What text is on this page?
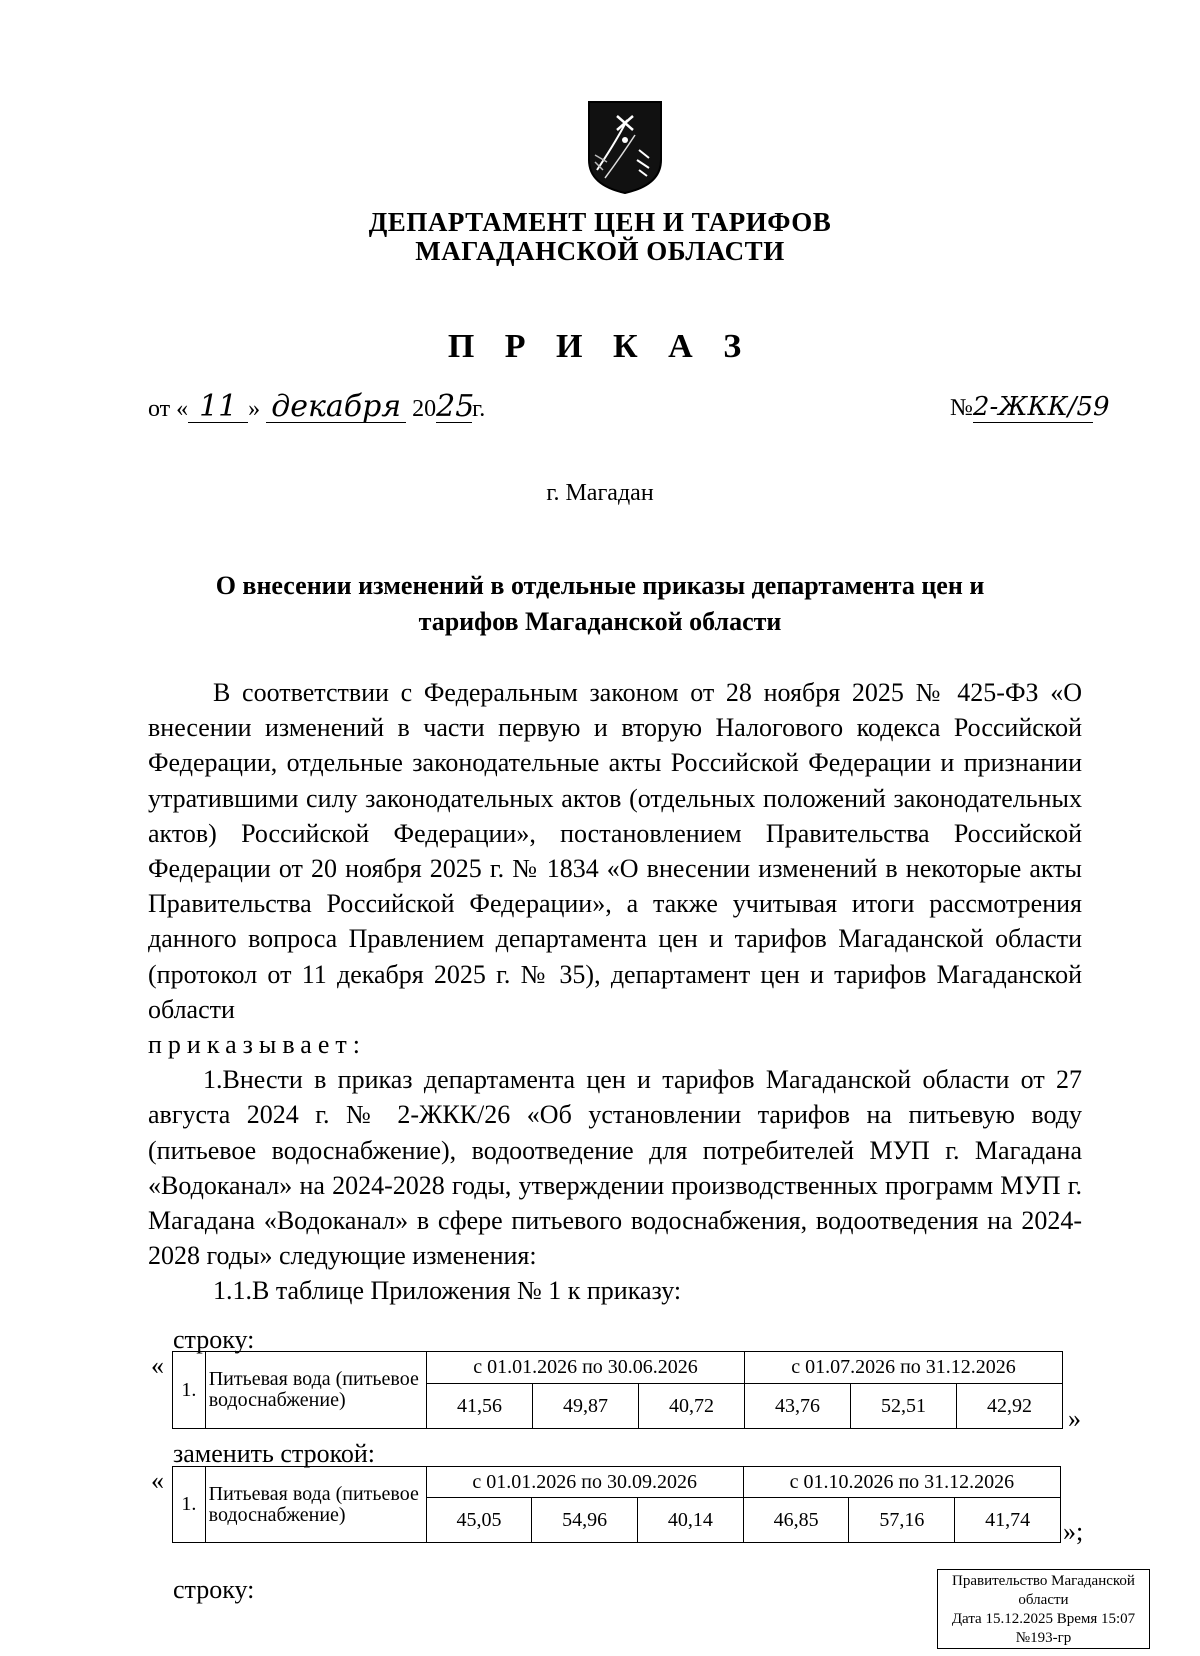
ДЕПАРТАМЕНТ ЦЕН И ТАРИФОВ
МАГАДАНСКОЙ ОБЛАСТИ
П Р И К А З
от « 11 » декабря 2025г.	№2-ЖКК/59
г. Магадан
О внесении изменений в отдельные приказы департамента цен и
тарифов Магаданской области

В соответствии с Федеральным законом от 28 ноября 2025 № 425-ФЗ «О внесении изменений в части первую и вторую Налогового кодекса Российской Федерации, отдельные законодательные акты Российской Федерации и признании утратившими силу законодательных актов (отдельных положений законодательных актов) Российской Федерации», постановлением Правительства Российской Федерации от 20 ноября 2025 г. № 1834 «О внесении изменений в некоторые акты Правительства Российской Федерации», а также учитывая итоги рассмотрения данного вопроса Правлением департамента цен и тарифов Магаданской области (протокол от 11 декабря 2025 г. № 35), департамент цен и тарифов Магаданской области

приказывает:

1.Внести в приказ департамента цен и тарифов Магаданской области от 27 августа 2024 г. № 2-ЖКК/26 «Об установлении тарифов на питьевую воду (питьевое водоснабжение), водоотведение для потребителей МУП г. Магадана «Водоканал» на 2024-2028 годы, утверждении производственных программ МУП г. Магадана «Водоканал» в сфере питьевого водоснабжения, водоотведения на 2024-2028 годы» следующие изменения:

1.1.В таблице Приложения № 1 к приказу:

строку:
«
1.	Питьевая вода (питьевое водоснабжение)	с 01.01.2026 по 30.06.2026			с 01.07.2026 по 31.12.2026		
		41,56	49,87	40,72	43,76	52,51	42,92 »
заменить строкой:
«
1.	Питьевая вода (питьевое водоснабжение)	с 01.01.2026 по 30.09.2026			с 01.10.2026 по 31.12.2026		
		45,05	54,96	40,14	46,85	57,16	41,74 »;
строку:	Правительство Магаданской
области
Дата 15.12.2025 Время 15:07
№193-гр
